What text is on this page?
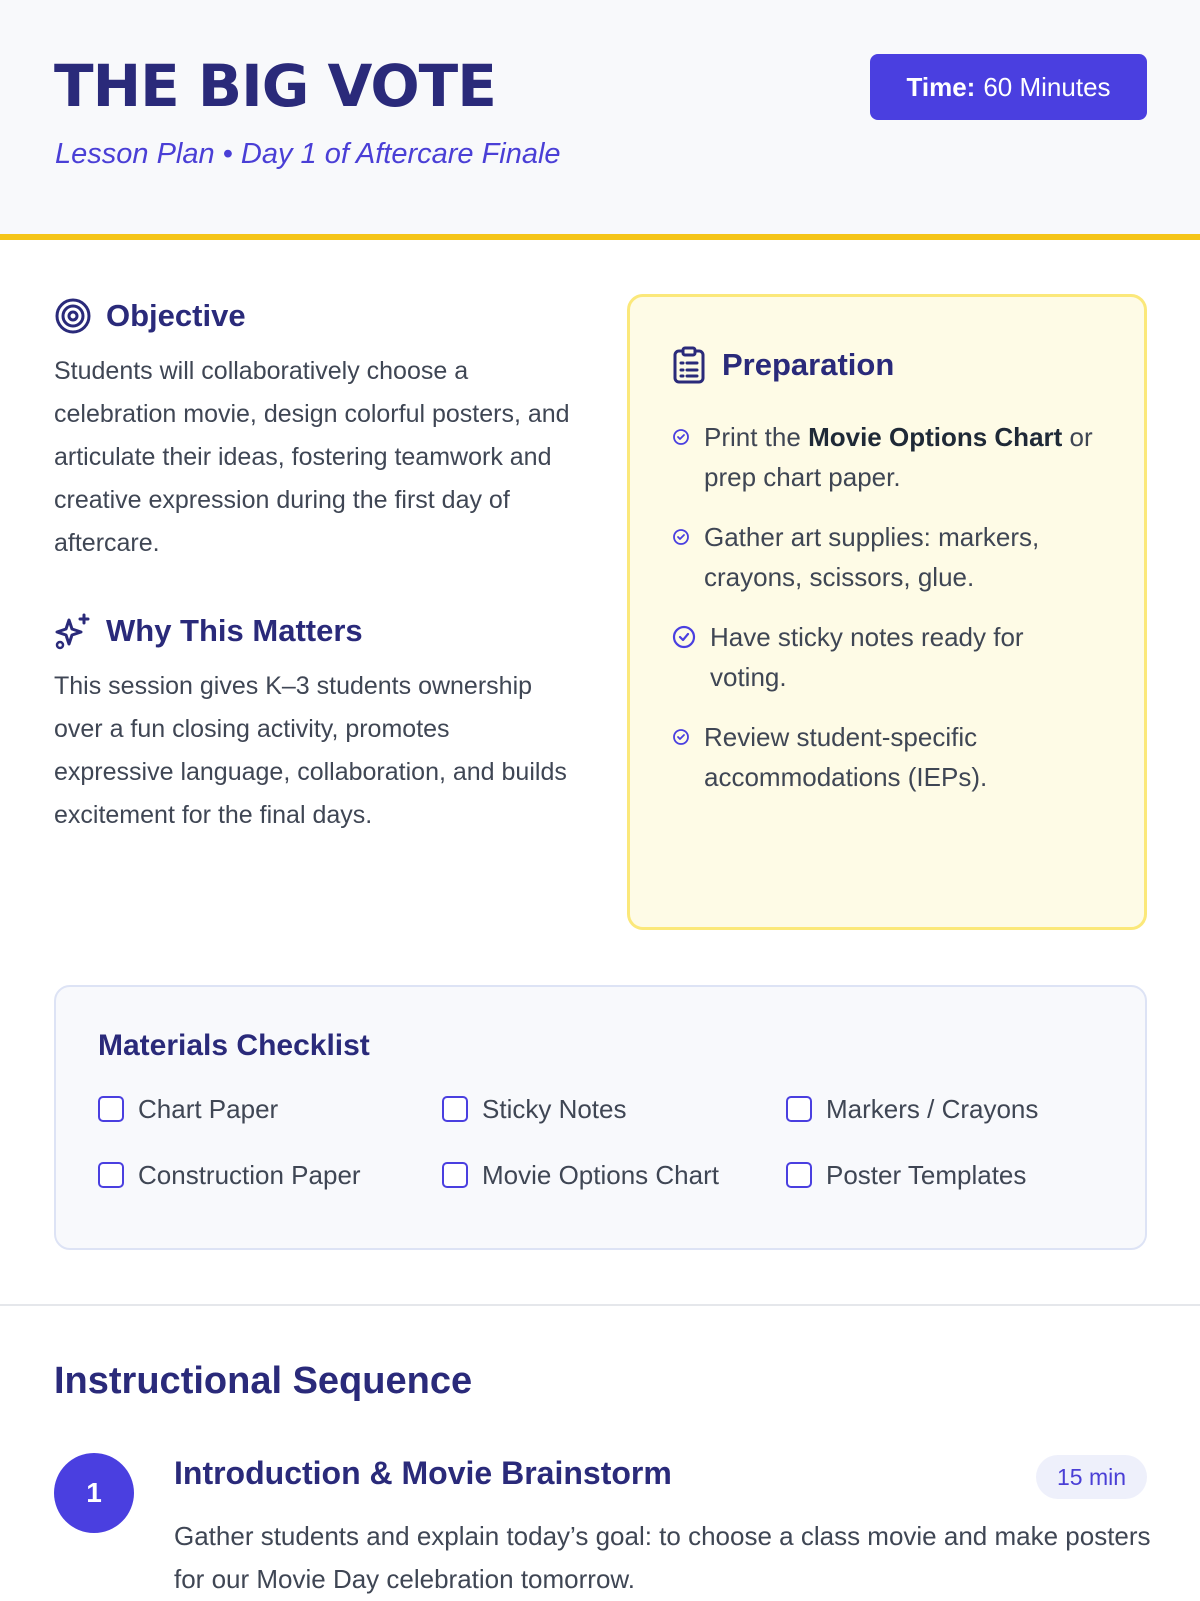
THE BIG VOTE
Lesson Plan • Day 1 of Aftercare Finale
Time: 60 Minutes
Objective

Students will collaboratively choose a celebration movie, design colorful posters, and articulate their ideas, fostering teamwork and creative expression during the first day of aftercare.

Why This Matters

This session gives K–3 students ownership over a fun closing activity, promotes expressive language, collaboration, and builds excitement for the final days.

Preparation
Print the Movie Options Chart or prep chart paper.
Gather art supplies: markers, crayons, scissors, glue.
Have sticky notes ready for voting.
Review student-specific accommodations (IEPs).
Materials Checklist
Chart Paper	Sticky Notes	Markers / Crayons
Construction Paper	Movie Options Chart	Poster Templates
Instructional Sequence
1
Introduction & Movie Brainstorm	15 min

Gather students and explain today’s goal: to choose a class movie and make posters for our Movie Day celebration tomorrow.
